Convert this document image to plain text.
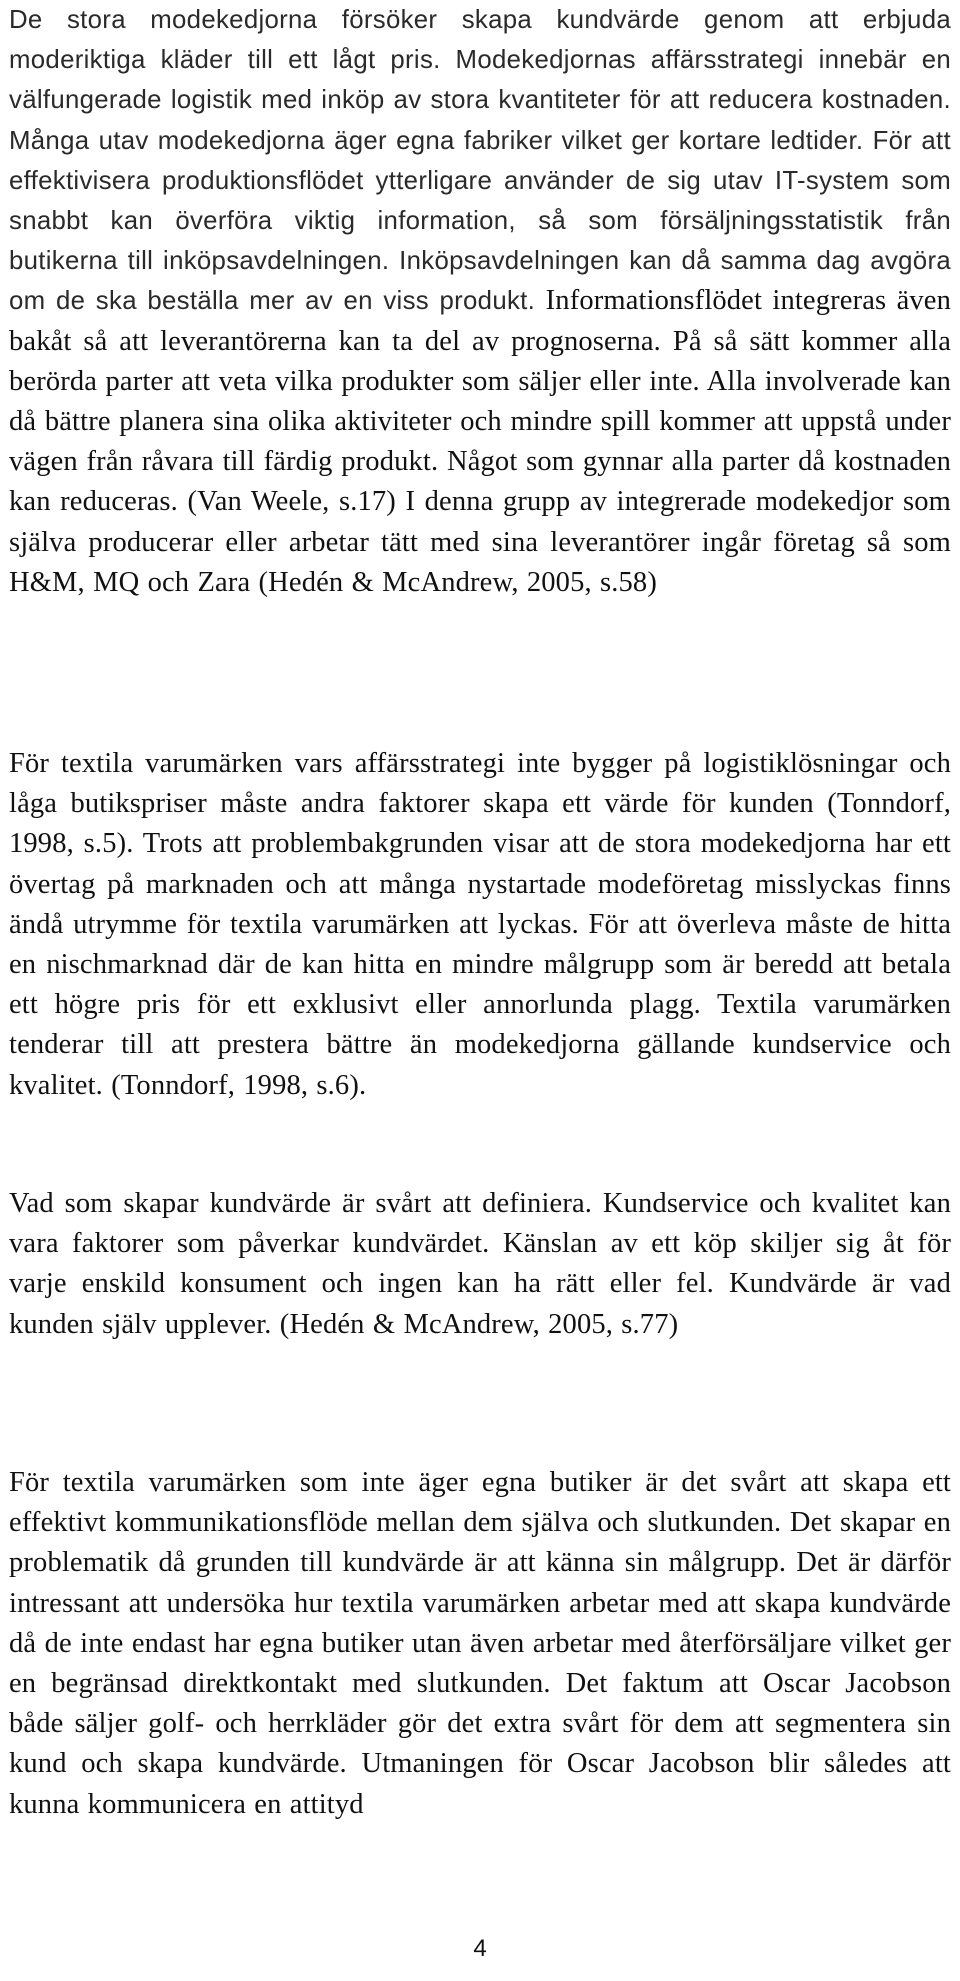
De stora modekedjorna försöker skapa kundvärde genom att erbjuda moderiktiga kläder till ett lågt pris. Modekedjornas affärsstrategi innebär en välfungerade logistik med inköp av stora kvantiteter för att reducera kostnaden. Många utav modekedjorna äger egna fabriker vilket ger kortare ledtider. För att effektivisera produktionsflödet ytterligare använder de sig utav IT-system som snabbt kan överföra viktig information, så som försäljningsstatistik från butikerna till inköpsavdelningen. Inköpsavdelningen kan då samma dag avgöra om de ska beställa mer av en viss produkt. Informationsflödet integreras även bakåt så att leverantörerna kan ta del av prognoserna. På så sätt kommer alla berörda parter att veta vilka produkter som säljer eller inte. Alla involverade kan då bättre planera sina olika aktiviteter och mindre spill kommer att uppstå under vägen från råvara till färdig produkt. Något som gynnar alla parter då kostnaden kan reduceras. (Van Weele, s.17) I denna grupp av integrerade modekedjor som själva producerar eller arbetar tätt med sina leverantörer ingår företag så som H&M, MQ och Zara (Hedén & McAndrew, 2005, s.58)

För textila varumärken vars affärsstrategi inte bygger på logistiklösningar och låga butikspriser måste andra faktorer skapa ett värde för kunden (Tonndorf, 1998, s.5). Trots att problembakgrunden visar att de stora modekedjorna har ett övertag på marknaden och att många nystartade modeföretag misslyckas finns ändå utrymme för textila varumärken att lyckas. För att överleva måste de hitta en nischmarknad där de kan hitta en mindre målgrupp som är beredd att betala ett högre pris för ett exklusivt eller annorlunda plagg. Textila varumärken tenderar till att prestera bättre än modekedjorna gällande kundservice och kvalitet. (Tonndorf, 1998, s.6).

Vad som skapar kundvärde är svårt att definiera. Kundservice och kvalitet kan vara faktorer som påverkar kundvärdet. Känslan av ett köp skiljer sig åt för varje enskild konsument och ingen kan ha rätt eller fel. Kundvärde är vad kunden själv upplever. (Hedén & McAndrew, 2005, s.77)

För textila varumärken som inte äger egna butiker är det svårt att skapa ett effektivt kommunikationsflöde mellan dem själva och slutkunden. Det skapar en problematik då grunden till kundvärde är att känna sin målgrupp. Det är därför intressant att undersöka hur textila varumärken arbetar med att skapa kundvärde då de inte endast har egna butiker utan även arbetar med återförsäljare vilket ger en begränsad direktkontakt med slutkunden. Det faktum att Oscar Jacobson både säljer golf- och herrkläder gör det extra svårt för dem att segmentera sin kund och skapa kundvärde. Utmaningen för Oscar Jacobson blir således att kunna kommunicera en attityd

4
